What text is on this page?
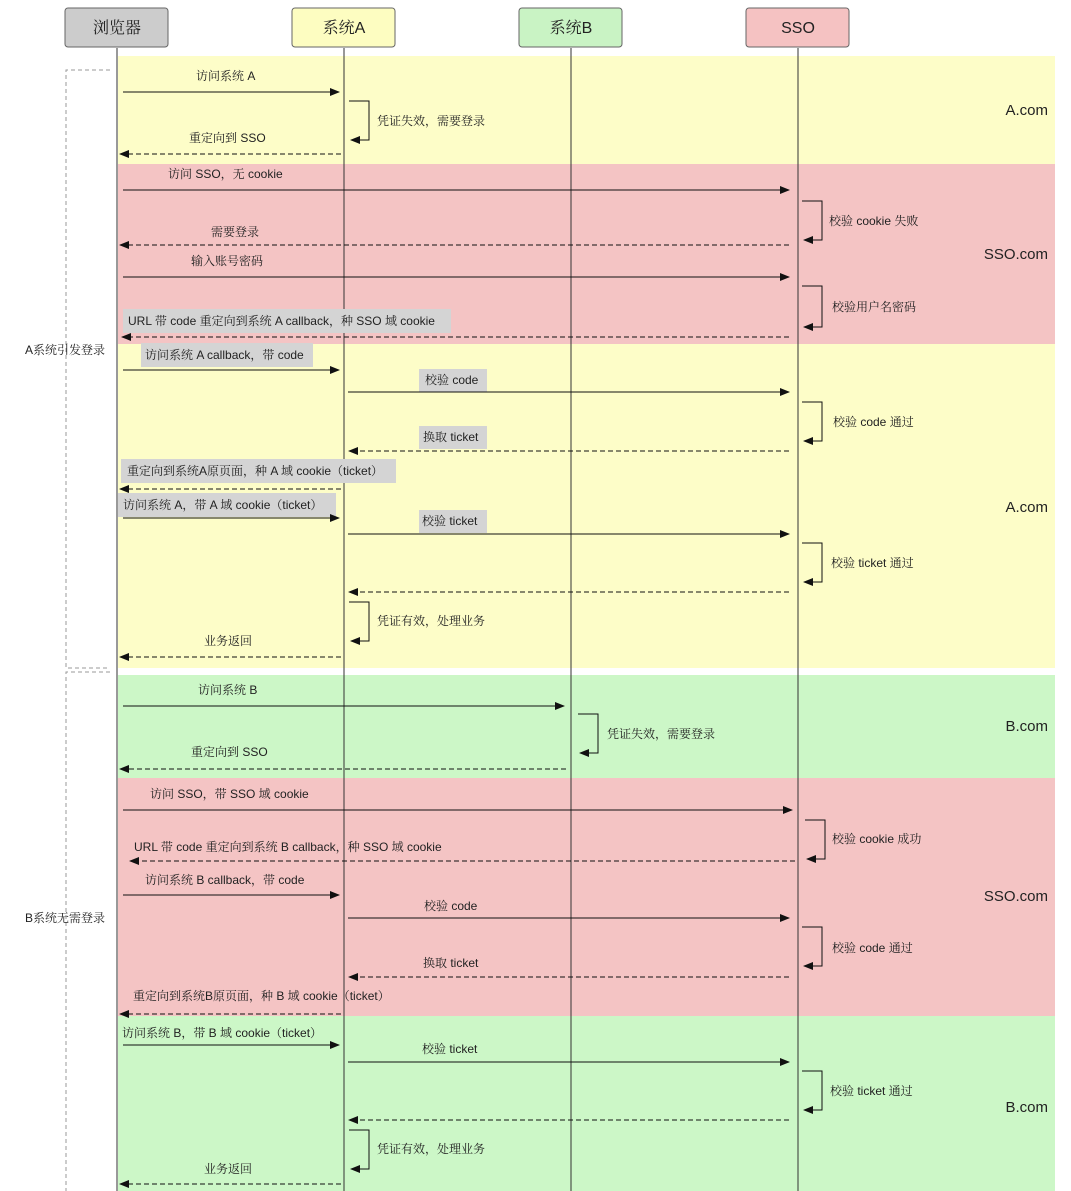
A系统引发登录
B系统无需登录
浏览器	系统A	系统B	SSO
A.com
SSO.com
A.com
B.com
SSO.com
B.com
访问系统 A
重定向到 SSO
访问 SSO，无 cookie
需要登录
输入账号密码
URL 带 code 重定向到系统 A callback，种 SSO 域 cookie
访问系统 A callback，带 code
校验 code
换取 ticket
重定向到系统A原页面，种 A 域 cookie（ticket）
访问系统 A，带 A 域 cookie（ticket）
校验 ticket
业务返回
访问系统 B
重定向到 SSO
访问 SSO，带 SSO 域 cookie
URL 带 code 重定向到系统 B callback，种 SSO 域 cookie
访问系统 B callback，带 code
校验 code
换取 ticket
重定向到系统B原页面，种 B 域 cookie（ticket）
访问系统 B，带 B 域 cookie（ticket）
校验 ticket
业务返回
凭证失效，需要登录
校验 cookie 失败
校验用户名密码
校验 code 通过
校验 ticket 通过
凭证有效，处理业务
凭证失效，需要登录
校验 cookie 成功
校验 code 通过
校验 ticket 通过
凭证有效，处理业务
